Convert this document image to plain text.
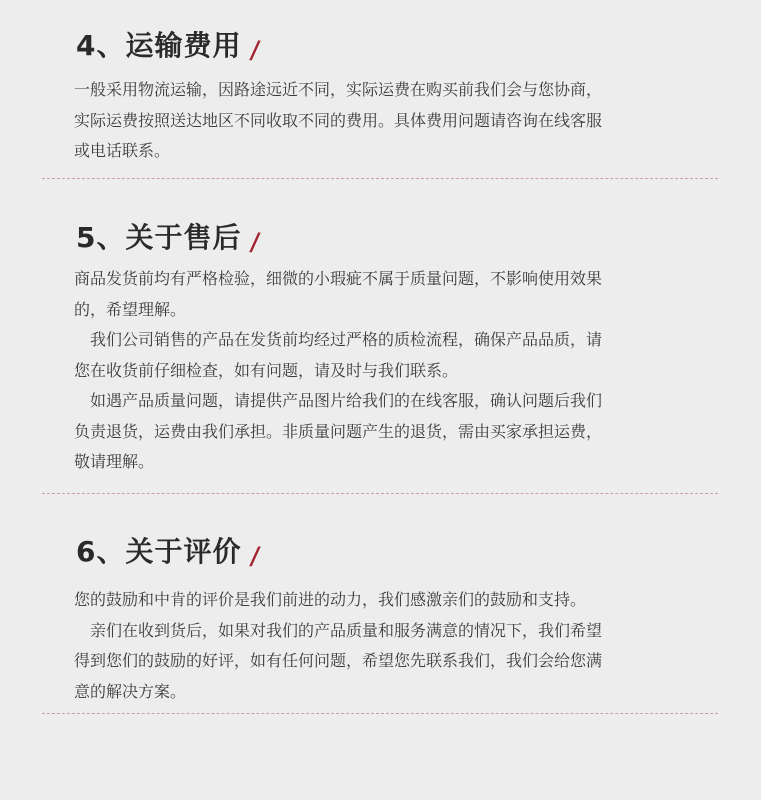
4、运输费用 /

一般采用物流运输，因路途远近不同，实际运费在购买前我们会与您协商，
实际运费按照送达地区不同收取不同的费用。具体费用问题请咨询在线客服
或电话联系。

5、关于售后 /

商品发货前均有严格检验，细微的小瑕疵不属于质量问题，不影响使用效果
的，希望理解。
　我们公司销售的产品在发货前均经过严格的质检流程，确保产品品质，请
您在收货前仔细检查，如有问题，请及时与我们联系。
　如遇产品质量问题，请提供产品图片给我们的在线客服，确认问题后我们
负责退货，运费由我们承担。非质量问题产生的退货，需由买家承担运费，
敬请理解。

6、关于评价 /

您的鼓励和中肯的评价是我们前进的动力，我们感激亲们的鼓励和支持。
　亲们在收到货后，如果对我们的产品质量和服务满意的情况下，我们希望
得到您们的鼓励的好评，如有任何问题，希望您先联系我们，我们会给您满
意的解决方案。
